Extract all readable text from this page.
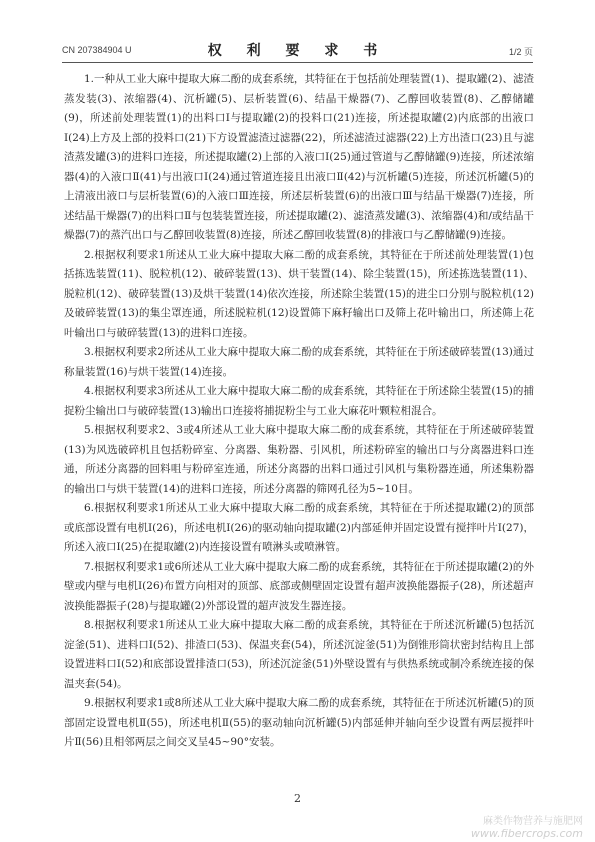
CN 207384904 U	权 利 要 求 书	1/2 页

1.一种从工业大麻中提取大麻二酚的成套系统，其特征在于包括前处理装置(1)、提取罐(2)、滤渣蒸发装(3)、浓缩器(4)、沉析罐(5)、层析装置(6)、结晶干燥器(7)、乙醇回收装置(8)、乙醇储罐(9)，所述前处理装置(1)的出料口Ⅰ与提取罐(2)的投料口(21)连接，所述提取罐(2)内底部的出液口Ⅰ(24)上方及上部的投料口(21)下方设置滤渣过滤器(22)，所述滤渣过滤器(22)上方出渣口(23)且与滤渣蒸发罐(3)的进料口连接，所述提取罐(2)上部的入液口Ⅰ(25)通过管道与乙醇储罐(9)连接，所述浓缩器(4)的入液口Ⅱ(41)与出液口Ⅰ(24)通过管道连接且出液口Ⅱ(42)与沉析罐(5)连接，所述沉析罐(5)的上清液出液口与层析装置(6)的入液口Ⅲ连接，所述层析装置(6)的出液口Ⅲ与结晶干燥器(7)连接，所述结晶干燥器(7)的出料口Ⅱ与包装装置连接，所述提取罐(2)、滤渣蒸发罐(3)、浓缩器(4)和/或结晶干燥器(7)的蒸汽出口与乙醇回收装置(8)连接，所述乙醇回收装置(8)的排液口与乙醇储罐(9)连接。

2.根据权利要求1所述从工业大麻中提取大麻二酚的成套系统，其特征在于所述前处理装置(1)包括拣选装置(11)、脱粒机(12)、破碎装置(13)、烘干装置(14)、除尘装置(15)，所述拣选装置(11)、脱粒机(12)、破碎装置(13)及烘干装置(14)依次连接，所述除尘装置(15)的进尘口分别与脱粒机(12)及破碎装置(13)的集尘罩连通，所述脱粒机(12)设置筛下麻籽输出口及筛上花叶输出口，所述筛上花叶输出口与破碎装置(13)的进料口连接。

3.根据权利要求2所述从工业大麻中提取大麻二酚的成套系统，其特征在于所述破碎装置(13)通过称量装置(16)与烘干装置(14)连接。

4.根据权利要求3所述从工业大麻中提取大麻二酚的成套系统，其特征在于所述除尘装置(15)的捕捉粉尘输出口与破碎装置(13)输出口连接将捕捉粉尘与工业大麻花叶颗粒相混合。

5.根据权利要求2、3或4所述从工业大麻中提取大麻二酚的成套系统，其特征在于所述破碎装置(13)为风选破碎机且包括粉碎室、分离器、集粉器、引风机，所述粉碎室的输出口与分离器进料口连通，所述分离器的回料咀与粉碎室连通，所述分离器的出料口通过引风机与集粉器连通，所述集粉器的输出口与烘干装置(14)的进料口连接，所述分离器的筛网孔径为5~10目。

6.根据权利要求1所述从工业大麻中提取大麻二酚的成套系统，其特征在于所述提取罐(2)的顶部或底部设置有电机Ⅰ(26)，所述电机Ⅰ(26)的驱动轴向提取罐(2)内部延伸并固定设置有搅拌叶片Ⅰ(27)，所述入液口Ⅰ(25)在提取罐(2)内连接设置有喷淋头或喷淋管。

7.根据权利要求1或6所述从工业大麻中提取大麻二酚的成套系统，其特征在于所述提取罐(2)的外壁或内壁与电机Ⅰ(26)布置方向相对的顶部、底部或侧壁固定设置有超声波换能器振子(28)，所述超声波换能器振子(28)与提取罐(2)外部设置的超声波发生器连接。

8.根据权利要求1所述从工业大麻中提取大麻二酚的成套系统，其特征在于所述沉析罐(5)包括沉淀釜(51)、进料口Ⅰ(52)、排渣口(53)、保温夹套(54)，所述沉淀釜(51)为倒锥形筒状密封结构且上部设置进料口Ⅰ(52)和底部设置排渣口(53)，所述沉淀釜(51)外壁设置有与供热系统或制冷系统连接的保温夹套(54)。

9.根据权利要求1或8所述从工业大麻中提取大麻二酚的成套系统，其特征在于所述沉析罐(5)的顶部固定设置电机Ⅱ(55)，所述电机Ⅱ(55)的驱动轴向沉析罐(5)内部延伸并轴向至少设置有两层搅拌叶片Ⅱ(56)且相邻两层之间交叉呈45~90°安装。

2
麻类作物营养与施肥网
www.fibercrops.com
